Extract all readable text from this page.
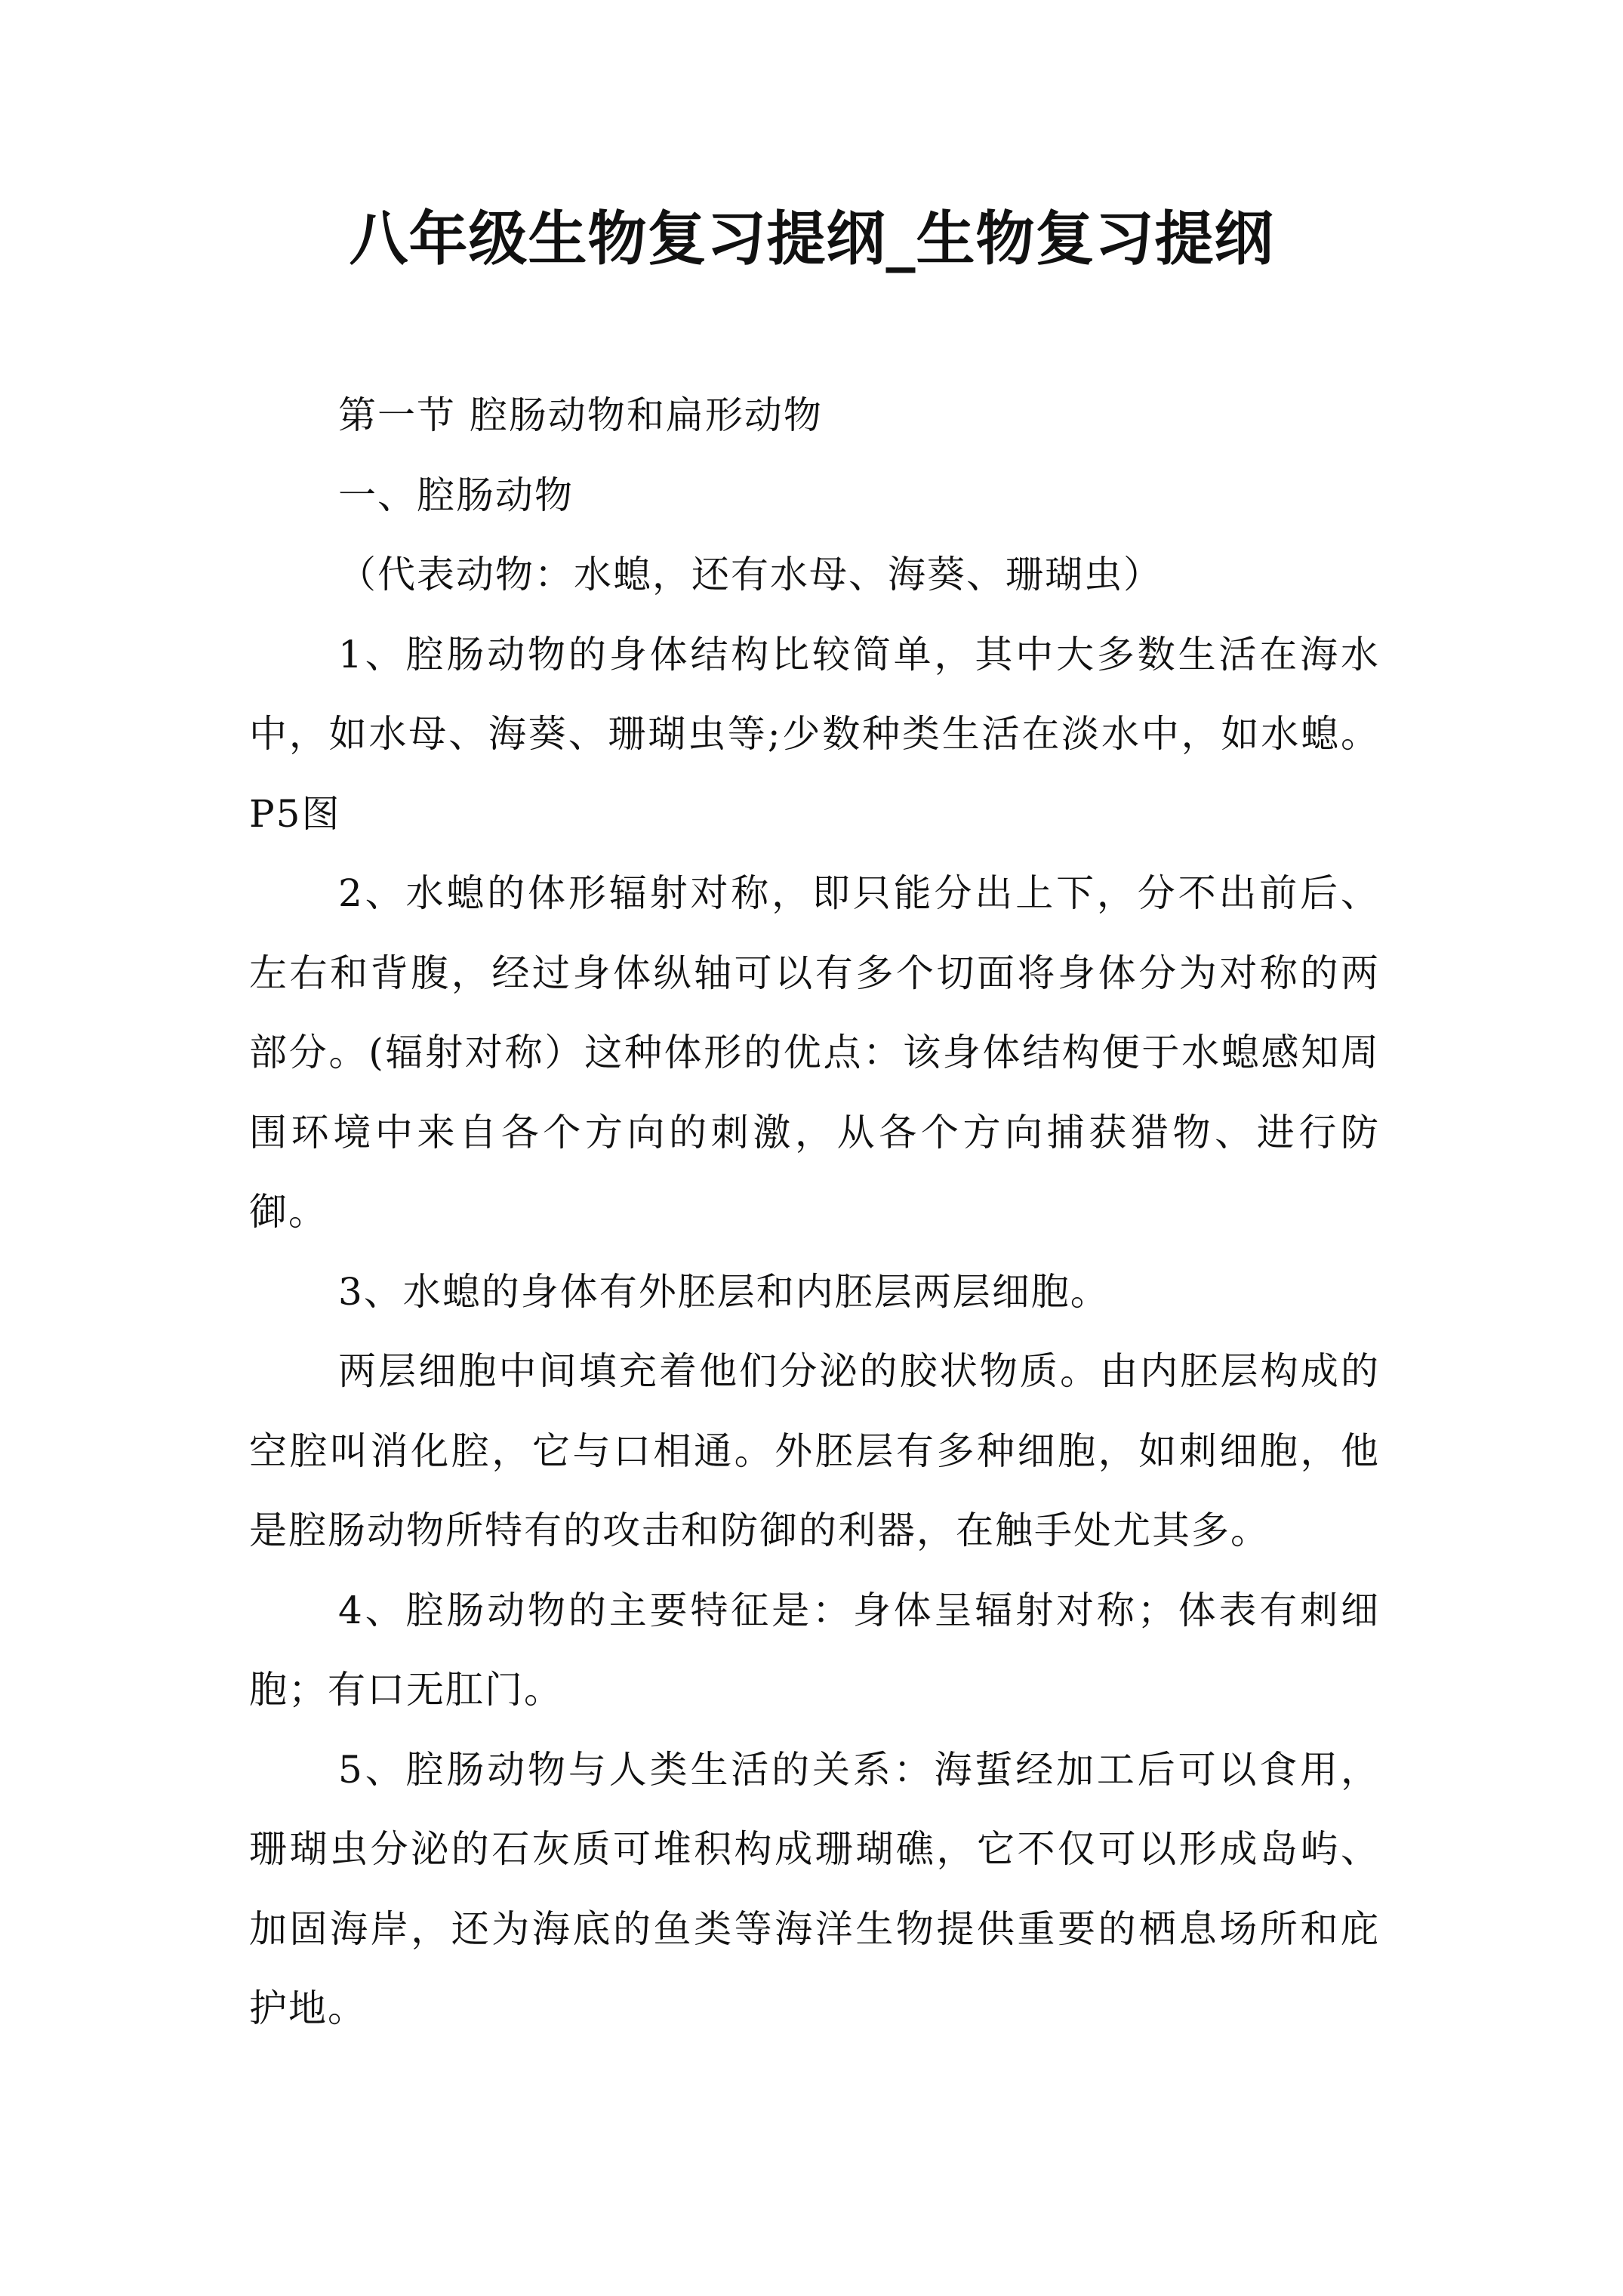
八年级生物复习提纲_生物复习提纲

第一节 腔肠动物和扁形动物

一、腔肠动物

（代表动物：水螅，还有水母、海葵、珊瑚虫）

1、腔肠动物的身体结构比较简单，其中大多数生活在海水中，如水母、海葵、珊瑚虫等;少数种类生活在淡水中，如水螅。P5图

2、水螅的体形辐射对称，即只能分出上下，分不出前后、左右和背腹，经过身体纵轴可以有多个切面将身体分为对称的两部分。(辐射对称）这种体形的优点：该身体结构便于水螅感知周围环境中来自各个方向的刺激，从各个方向捕获猎物、进行防御。

3、水螅的身体有外胚层和内胚层两层细胞。

两层细胞中间填充着他们分泌的胶状物质。由内胚层构成的空腔叫消化腔，它与口相通。外胚层有多种细胞，如刺细胞，他是腔肠动物所特有的攻击和防御的利器，在触手处尤其多。

4、腔肠动物的主要特征是：身体呈辐射对称；体表有刺细胞；有口无肛门。

5、腔肠动物与人类生活的关系：海蜇经加工后可以食用，珊瑚虫分泌的石灰质可堆积构成珊瑚礁，它不仅可以形成岛屿、加固海岸，还为海底的鱼类等海洋生物提供重要的栖息场所和庇护地。
